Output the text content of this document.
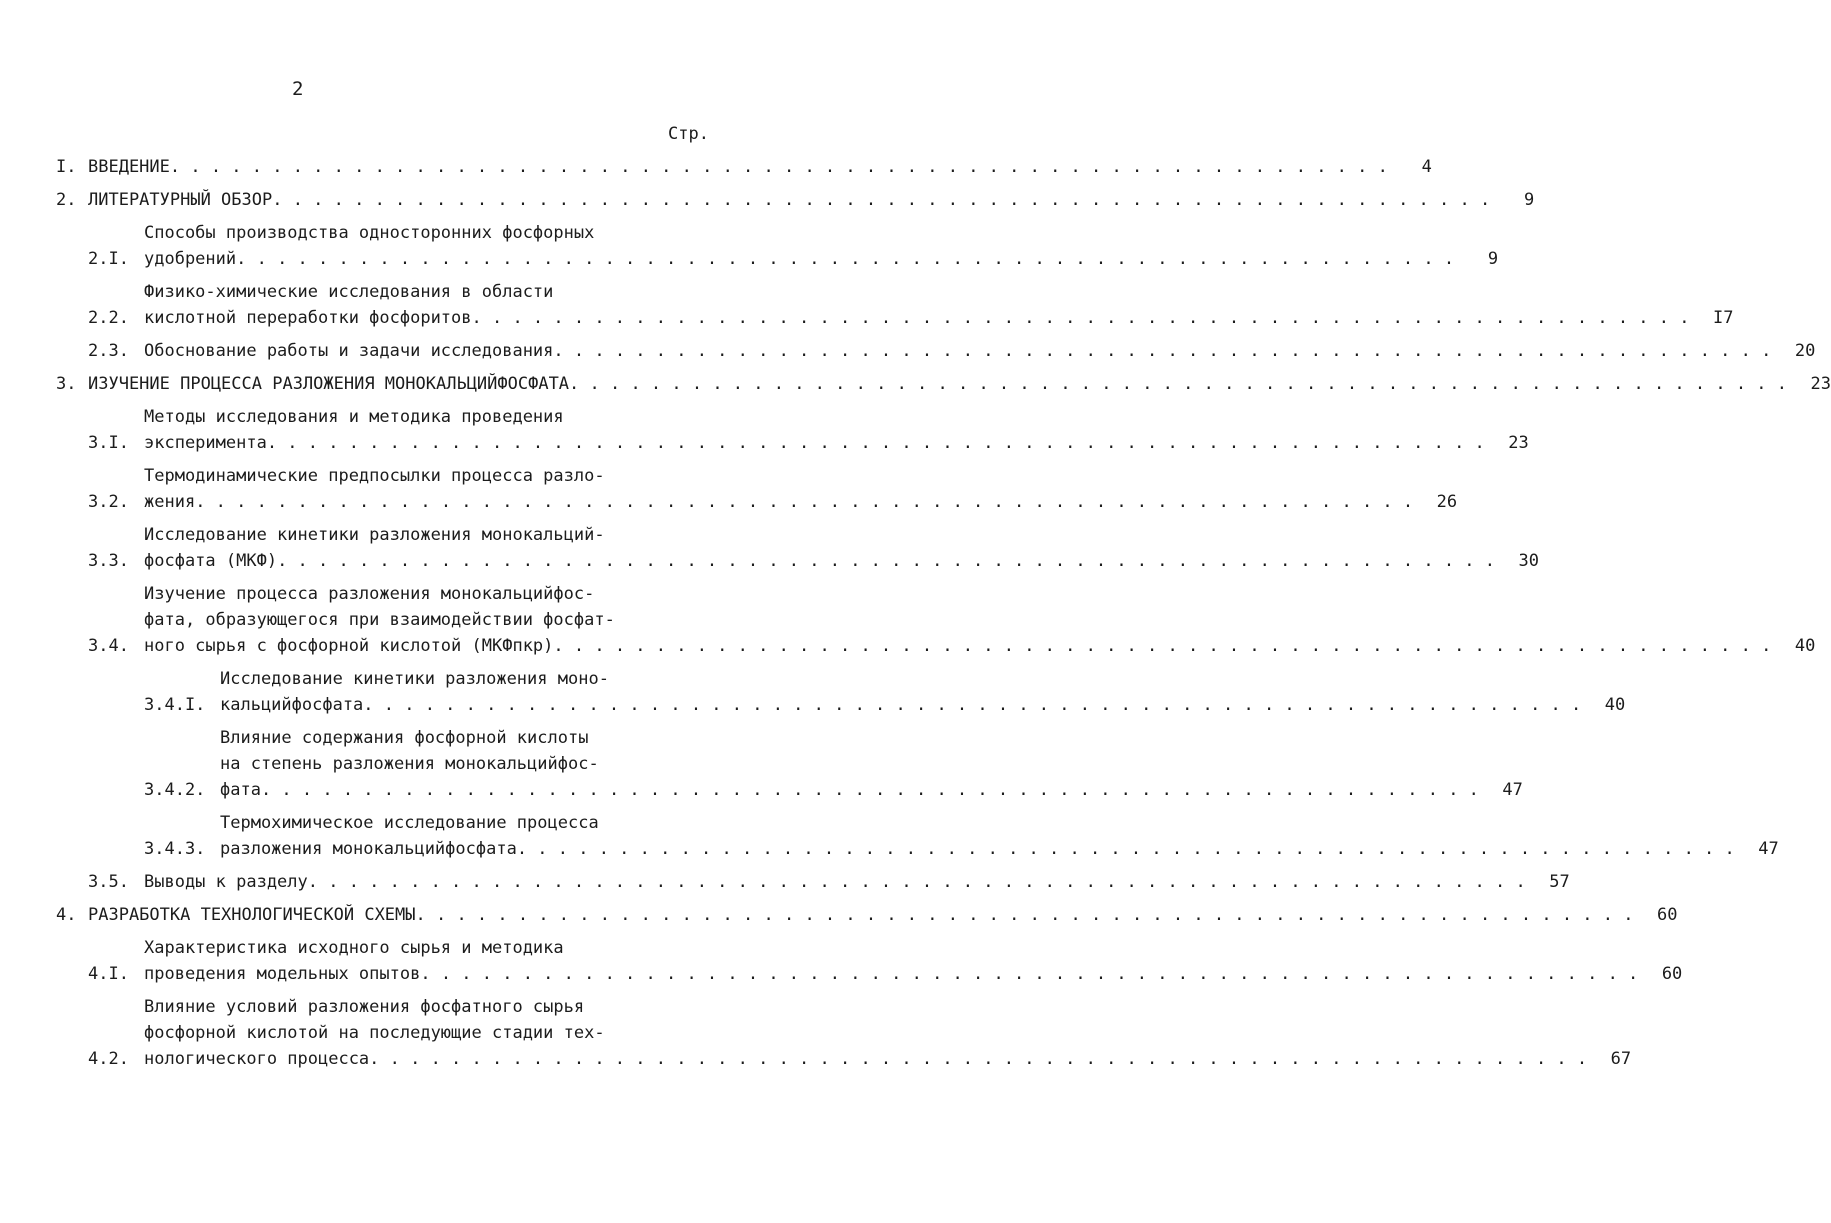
2
Стр.
I. ВВЕДЕНИЕ . . . . . . . . . . . . . . . . . . . . . . . . . . . . . . . . . . . . . . . . . . . . . . . . . . . . . . . . . . . .	4
2. ЛИТЕРАТУРНЫЙ ОБЗОР . . . . . . . . . . . . . . . . . . . . . . . . . . . . . . . . . . . . . . . . . . . . . . . . . . . . . . . . . . . .	9
2.I.
Способы производства односторонних фосфорных
удобрений . . . . . . . . . . . . . . . . . . . . . . . . . . . . . . . . . . . . . . . . . . . . . . . . . . . . . . . . . . . .	9
2.2.
Физико-химические исследования в области
кислотной переработки фосфоритов . . . . . . . . . . . . . . . . . . . . . . . . . . . . . . . . . . . . . . . . . . . . . . . . . . . . . . . . . . . .	I7
2.3. Обоснование работы и задачи исследования . . . . . . . . . . . . . . . . . . . . . . . . . . . . . . . . . . . . . . . . . . . . . . . . . . . . . . . . . . . .	20
3. ИЗУЧЕНИЕ ПРОЦЕССА РАЗЛОЖЕНИЯ МОНОКАЛЬЦИЙФОСФАТА . . . . . . . . . . . . . . . . . . . . . . . . . . . . . . . . . . . . . . . . . . . . . . . . . . . . . . . . . . . .	23
3.I.
Методы исследования и методика проведения
эксперимента . . . . . . . . . . . . . . . . . . . . . . . . . . . . . . . . . . . . . . . . . . . . . . . . . . . . . . . . . . . .	23
3.2.
Термодинамические предпосылки процесса разло-
жения . . . . . . . . . . . . . . . . . . . . . . . . . . . . . . . . . . . . . . . . . . . . . . . . . . . . . . . . . . . .	26
3.3.
Исследование кинетики разложения монокальций-
фосфата (МКФ) . . . . . . . . . . . . . . . . . . . . . . . . . . . . . . . . . . . . . . . . . . . . . . . . . . . . . . . . . . . .	30
3.4.
Изучение процесса разложения монокальцийфос-
фата, образующегося при взаимодействии фосфат-
ного сырья с фосфорной кислотой (МКФпкр) . . . . . . . . . . . . . . . . . . . . . . . . . . . . . . . . . . . . . . . . . . . . . . . . . . . . . . . . . . . .	40
3.4.I.
Исследование кинетики разложения моно-
кальцийфосфата . . . . . . . . . . . . . . . . . . . . . . . . . . . . . . . . . . . . . . . . . . . . . . . . . . . . . . . . . . . .	40
3.4.2.
Влияние содержания фосфорной кислоты
на степень разложения монокальцийфос-
фата . . . . . . . . . . . . . . . . . . . . . . . . . . . . . . . . . . . . . . . . . . . . . . . . . . . . . . . . . . . .	47
3.4.3.
Термохимическое исследование процесса
разложения монокальцийфосфата . . . . . . . . . . . . . . . . . . . . . . . . . . . . . . . . . . . . . . . . . . . . . . . . . . . . . . . . . . . .	47
3.5. Выводы к разделу . . . . . . . . . . . . . . . . . . . . . . . . . . . . . . . . . . . . . . . . . . . . . . . . . . . . . . . . . . . .	57
4. РАЗРАБОТКА ТЕХНОЛОГИЧЕСКОЙ СХЕМЫ . . . . . . . . . . . . . . . . . . . . . . . . . . . . . . . . . . . . . . . . . . . . . . . . . . . . . . . . . . . .	60
4.I.
Характеристика исходного сырья и методика
проведения модельных опытов . . . . . . . . . . . . . . . . . . . . . . . . . . . . . . . . . . . . . . . . . . . . . . . . . . . . . . . . . . . .	60
4.2.
Влияние условий разложения фосфатного сырья
фосфорной кислотой на последующие стадии тех-
нологического процесса . . . . . . . . . . . . . . . . . . . . . . . . . . . . . . . . . . . . . . . . . . . . . . . . . . . . . . . . . . . .	67
